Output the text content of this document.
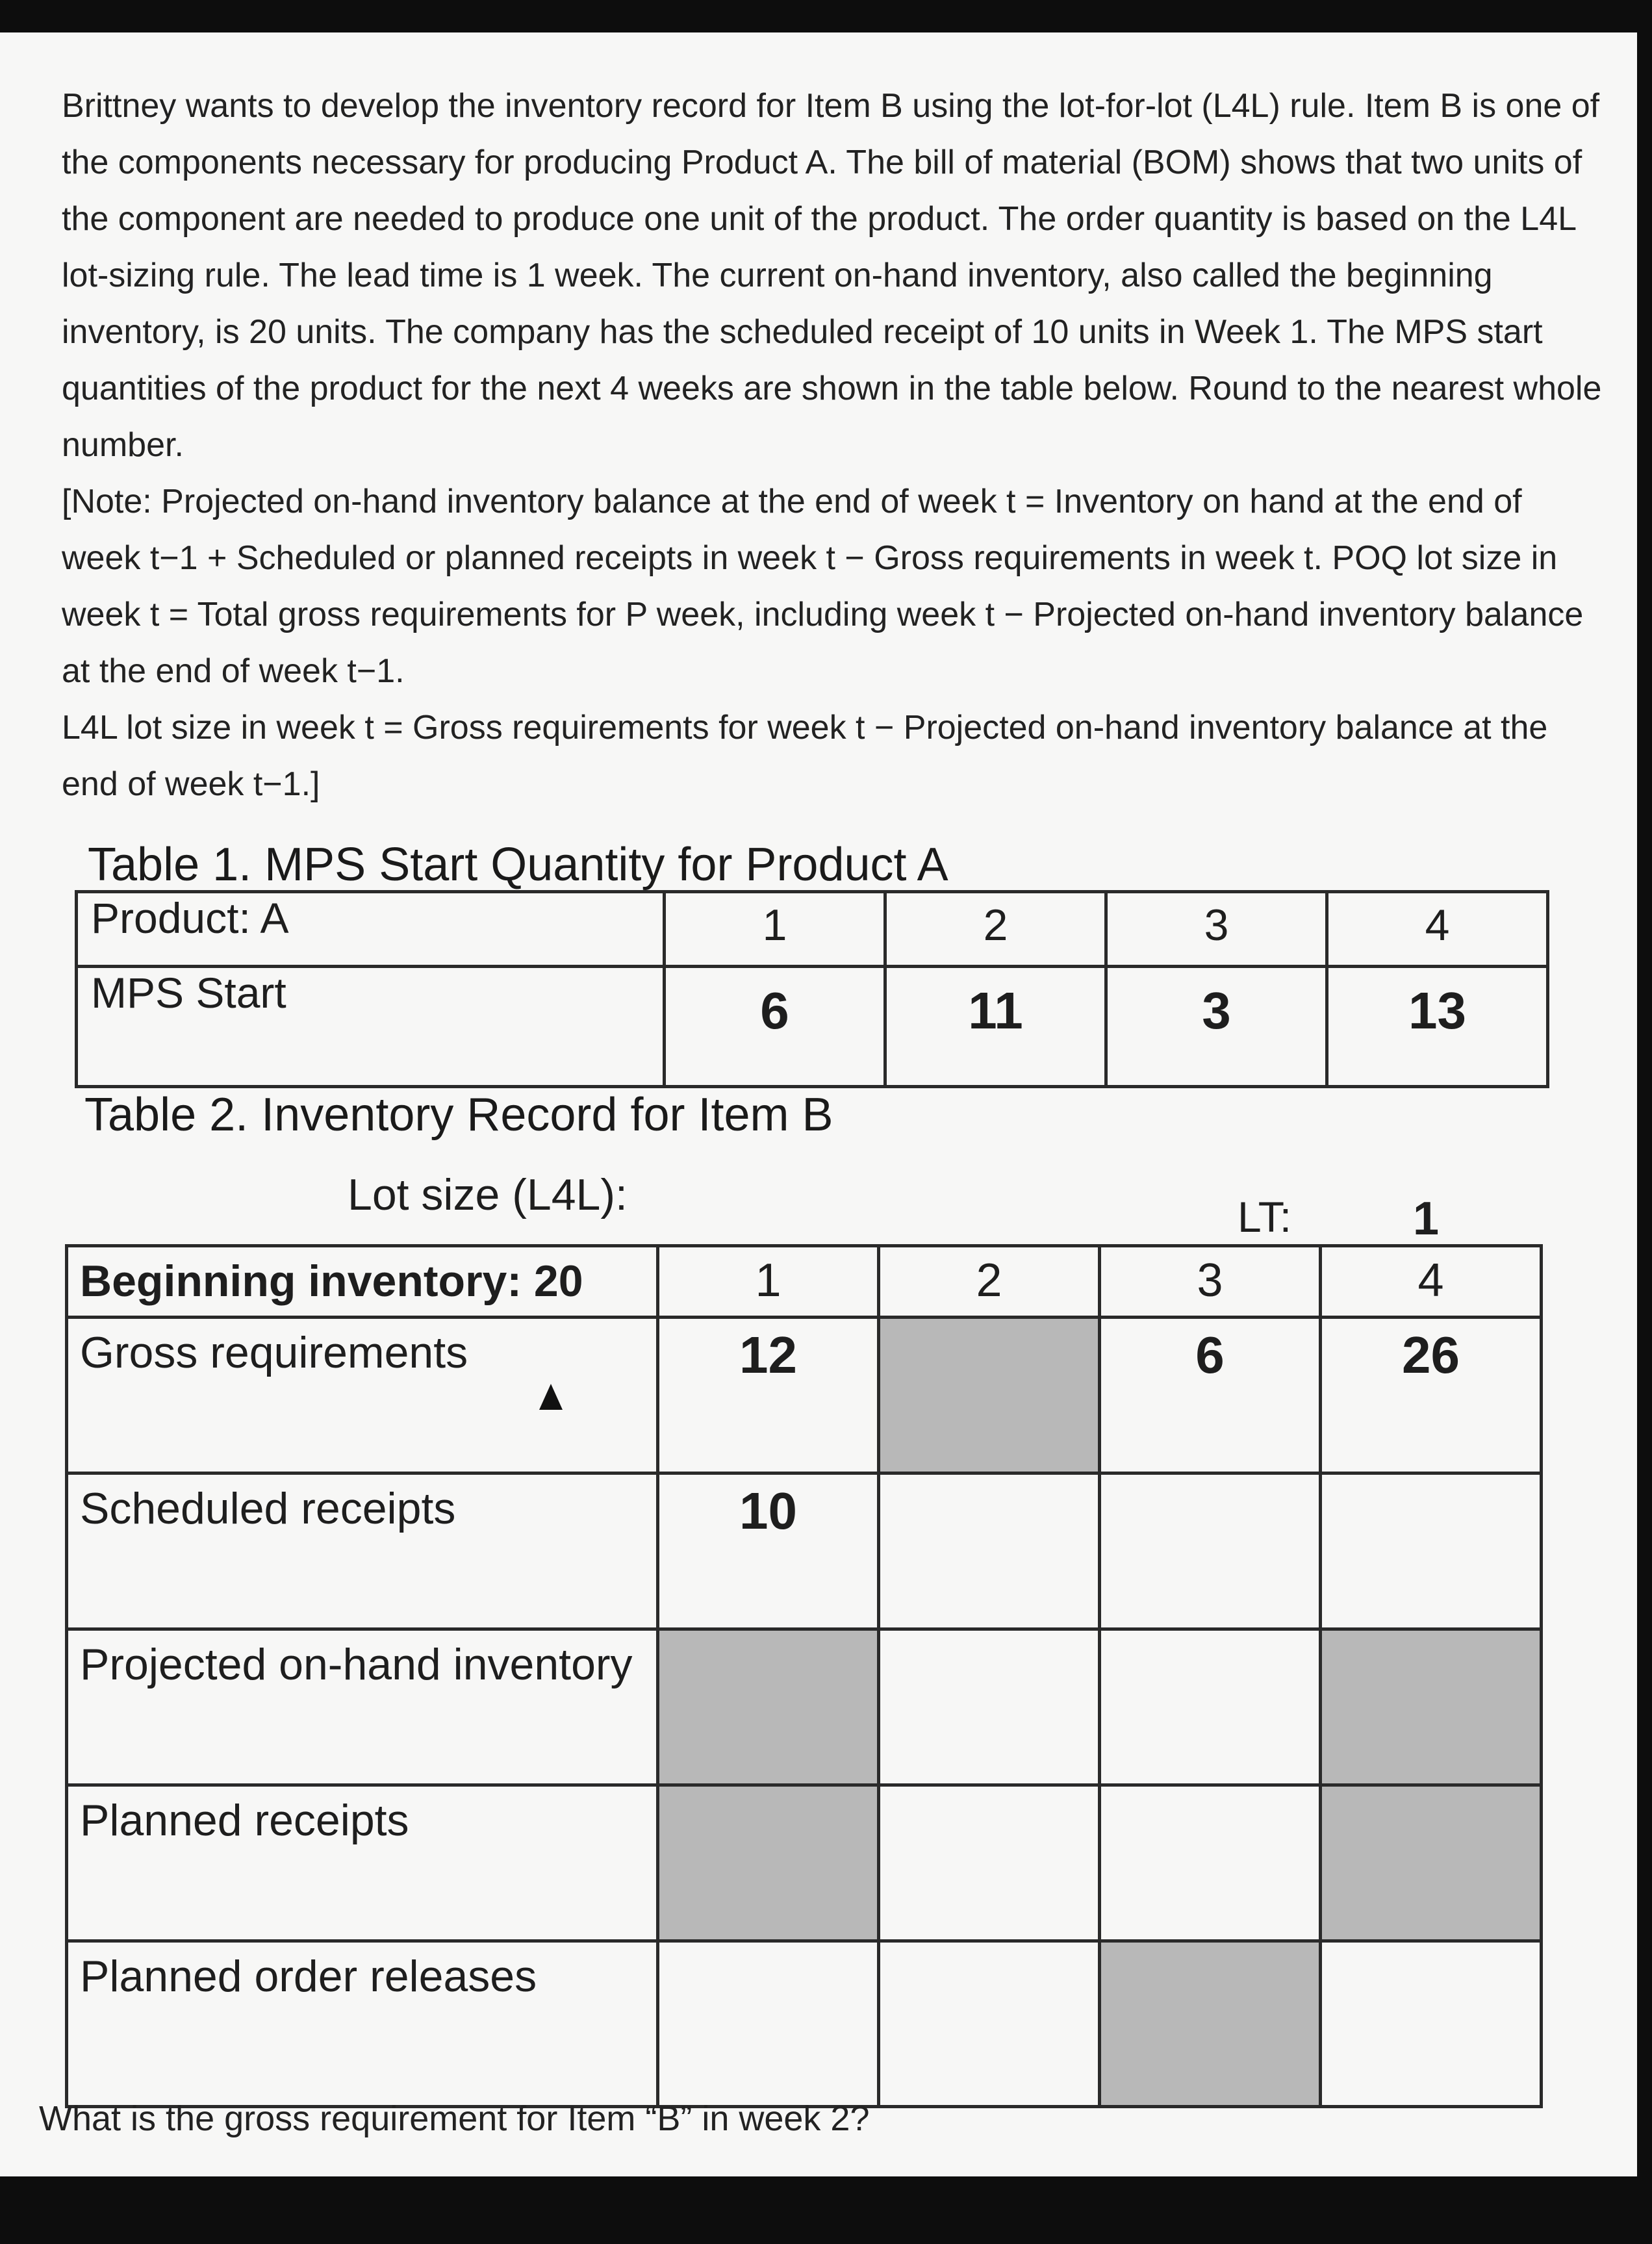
Brittney wants to develop the inventory record for Item B using the lot-for-lot (L4L) rule. Item B is one of the components necessary for producing Product A. The bill of material (BOM) shows that two units of the component are needed to produce one unit of the product. The order quantity is based on the L4L lot-sizing rule. The lead time is 1 week. The current on-hand inventory, also called the beginning inventory, is 20 units. The company has the scheduled receipt of 10 units in Week 1. The MPS start quantities of the product for the next 4 weeks are shown in the table below. Round to the nearest whole number.

[Note: Projected on-hand inventory balance at the end of week t = Inventory on hand at the end of week t−1 + Scheduled or planned receipts in week t − Gross requirements in week t. POQ lot size in week t = Total gross requirements for P week, including week t − Projected on-hand inventory balance at the end of week t−1.

L4L lot size in week t = Gross requirements for week t − Projected on-hand inventory balance at the end of week t−1.]

Table 1. MPS Start Quantity for Product A
Product: A	1	2	3	4
MPS Start	6	11	3	13
Table 2. Inventory Record for Item B
Lot size (L4L):	LT:	1
Beginning inventory: 20	1	2	3	4
Gross requirements	12		6	26
Scheduled receipts	10			
Projected on-hand inventory				
Planned receipts				
Planned order releases				
What is the gross requirement for Item “B” in week 2?
